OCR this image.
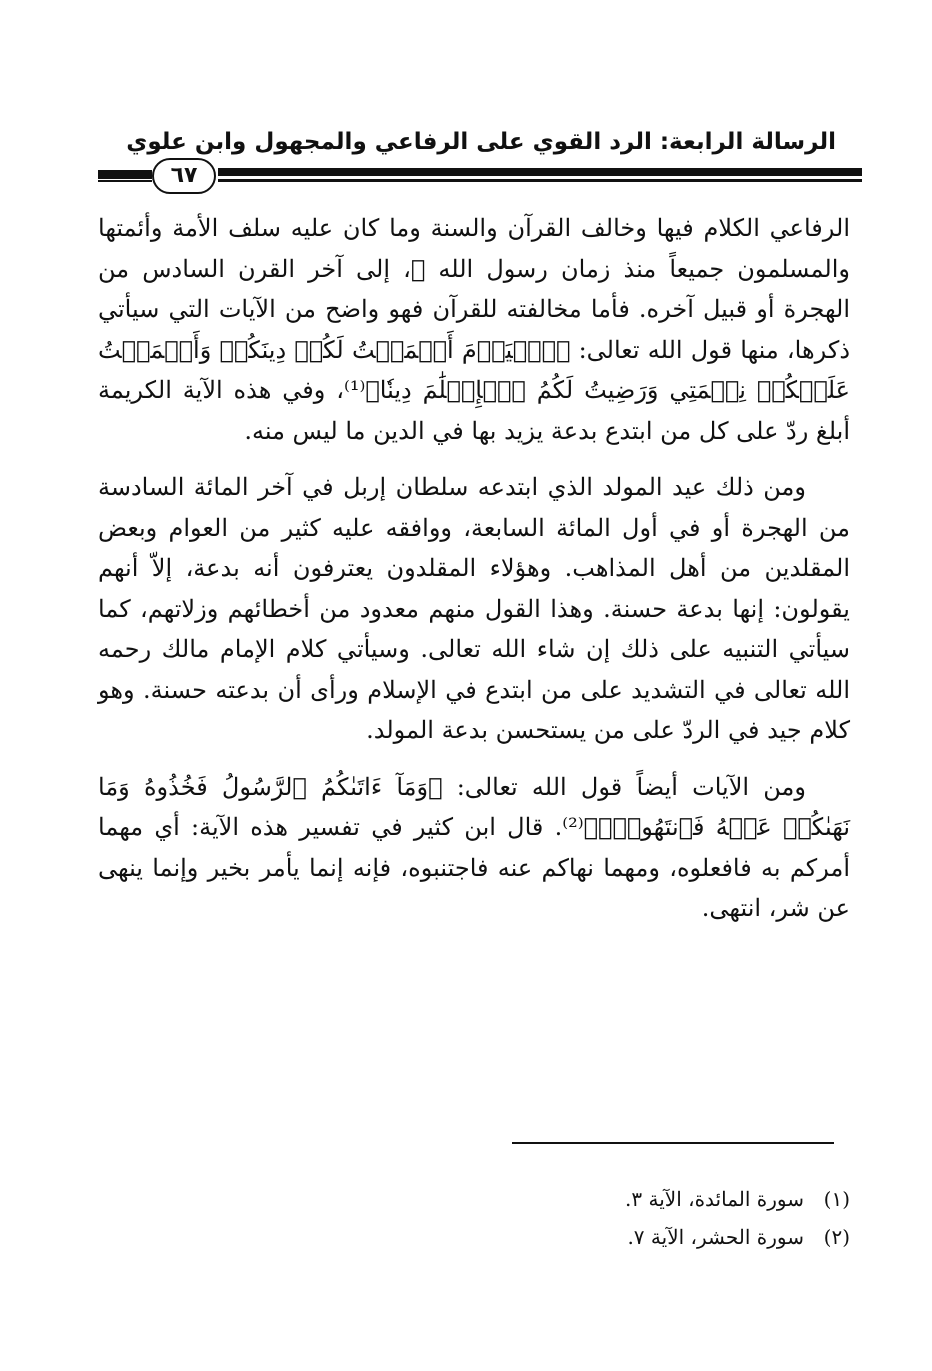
الرسالة الرابعة: الرد القوي على الرفاعي والمجهول وابن علوي
٦٧

الرفاعي الكلام فيها وخالف القرآن والسنة وما كان عليه سلف الأمة وأئمتها والمسلمون جميعاً منذ زمان رسول الله ﷺ، إلى آخر القرن السادس من الهجرة أو قبيل آخره. فأما مخالفته للقرآن فهو واضح من الآيات التي سيأتي ذكرها، منها قول الله تعالى: ﴿ٱلۡيَوۡمَ أَكۡمَلۡتُ لَكُمۡ دِينَكُمۡ وَأَتۡمَمۡتُ عَلَيۡكُمۡ نِعۡمَتِي وَرَضِيتُ لَكُمُ ٱلۡإِسۡلَٰمَ دِينٗا﴾⁽¹⁾، وفي هذه الآية الكريمة أبلغ ردّ على كل من ابتدع بدعة يزيد بها في الدين ما ليس منه.

ومن ذلك عيد المولد الذي ابتدعه سلطان إربل في آخر المائة السادسة من الهجرة أو في أول المائة السابعة، ووافقه عليه كثير من العوام وبعض المقلدين من أهل المذاهب. وهؤلاء المقلدون يعترفون أنه بدعة، إلاّ أنهم يقولون: إنها بدعة حسنة. وهذا القول منهم معدود من أخطائهم وزلاتهم، كما سيأتي التنبيه على ذلك إن شاء الله تعالى. وسيأتي كلام الإمام مالك رحمه الله تعالى في التشديد على من ابتدع في الإسلام ورأى أن بدعته حسنة. وهو كلام جيد في الردّ على من يستحسن بدعة المولد.

ومن الآيات أيضاً قول الله تعالى: ﴿وَمَآ ءَاتَىٰكُمُ ٱلرَّسُولُ فَخُذُوهُ وَمَا نَهَىٰكُمۡ عَنۡهُ فَٱنتَهُواْۚ﴾⁽²⁾. قال ابن كثير في تفسير هذه الآية: أي مهما أمركم به فافعلوه، ومهما نهاكم عنه فاجتنبوه، فإنه إنما يأمر بخير وإنما ينهى عن شر، انتهى.

(١)سورة المائدة، الآية ٣.
(٢)سورة الحشر، الآية ٧.
